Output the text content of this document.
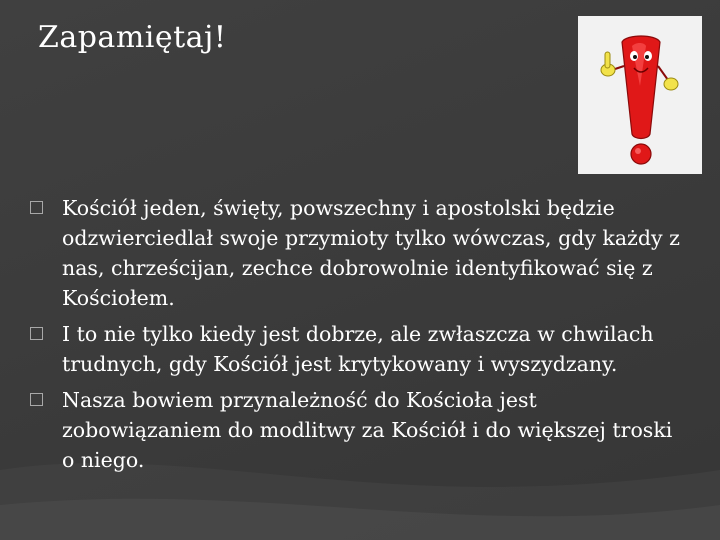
Zapamiętaj!
Kościół jeden, święty, powszechny i apostolski będzie odzwierciedlał swoje przymioty tylko wówczas, gdy każdy z nas, chrześcijan, zechce dobrowolnie identyfikować się z Kościołem.
I to nie tylko kiedy jest dobrze, ale zwłaszcza w chwilach trudnych, gdy Kościół jest krytykowany i wyszydzany.
Nasza bowiem przynależność do Kościoła jest zobowiązaniem do modlitwy za Kościół i do większej troski o niego.
